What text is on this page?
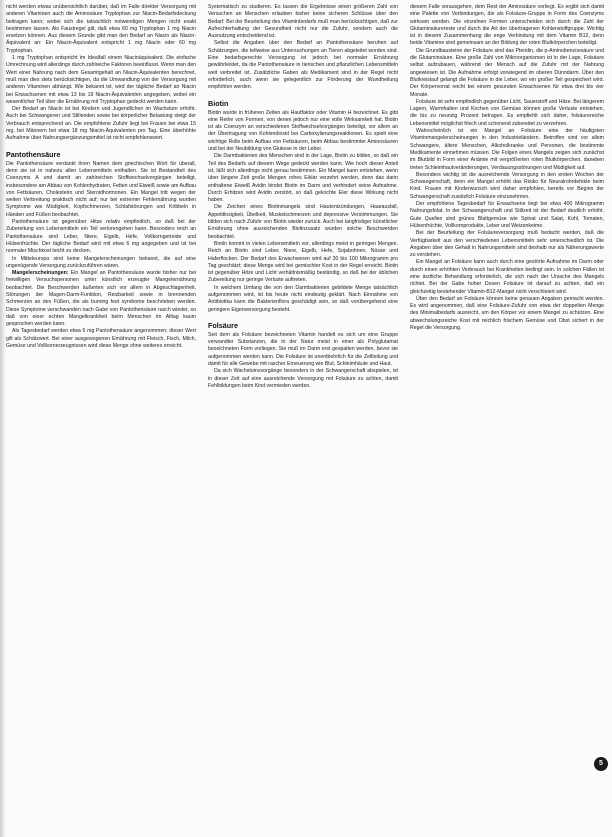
nicht werden etwas unübersichtlich darüber, daß im Falle direkter Versorgung mit anderen Vitaminen auch die Aminosäure Tryptophan zur Niacin-Bedarfsdeckung beitragen kann; wobei sich die tatsächlich notwendigen Mengen nicht exakt bestimmen lassen. Als Faustregel gilt, daß etwa 60 mg Tryptophan 1 mg Niacin ersetzen können. Aus diesem Grunde gibt man den Bedarf an Niacin als Niacin-Äquivalent an: Ein Niacin-Äquivalent entspricht 1 mg Niacin oder 60 mg Tryptophan.

1 mg Tryptophan entspricht im Idealfall einem Niacinäquivalent. Die einfache Umrechnung wird allerdings durch zahlreiche Faktoren beeinflusst. Wenn man den Wert einer Nahrung nach dem Gesamtgehalt an Niacin-Äquivalenten berechnet, muß man dies stets berücksichtigen, da die Umwandlung von der Versorgung mit anderen Vitaminen abhängt. Wie bekannt ist, wird der tägliche Bedarf an Niacin bei Erwachsenen mit etwa 13 bis 19 Niacin-Äquivalenten angegeben, wobei ein wesentlicher Teil über die Ernährung mit Tryptophan gedeckt werden kann.

Der Bedarf an Niacin ist bei Kindern und Jugendlichen im Wachstum erhöht. Auch bei Schwangeren und Stillenden sowie bei körperlicher Belastung steigt der Verbrauch entsprechend an. Die empfohlene Zufuhr liegt bei Frauen bei etwa 15 mg, bei Männern bei etwa 18 mg Niacin-Äquivalenten pro Tag. Eine überhöhte Aufnahme über Nahrungsergänzungsmittel ist nicht empfehlenswert.

Pantothensäure

Die Pantothensäure verdankt ihren Namen dem griechischen Wort für überall, denn sie ist in nahezu allen Lebensmitteln enthalten. Sie ist Bestandteil des Coenzyms A und damit an zahlreichen Stoffwechselvorgängen beteiligt, insbesondere am Abbau von Kohlenhydraten, Fetten und Eiweiß sowie am Aufbau von Fettsäuren, Cholesterin und Steroidhormonen. Ein Mangel tritt wegen der weiten Verbreitung praktisch nicht auf; nur bei extremer Fehlernährung wurden Symptome wie Müdigkeit, Kopfschmerzen, Schlafstörungen und Kribbeln in Händen und Füßen beobachtet.

Pantothensäure ist gegenüber Hitze relativ empfindlich, so daß bei der Zubereitung von Lebensmitteln ein Teil verlorengehen kann. Besonders reich an Pantothensäure sind Leber, Niere, Eigelb, Hefe, Vollkorngetreide und Hülsenfrüchte. Der tägliche Bedarf wird mit etwa 6 mg angegeben und ist bei normaler Mischkost leicht zu decken.

In Mitteleuropa sind keine Mangelerscheinungen bekannt, die auf eine ungenügende Versorgung zurückzuführen wären.

Mangelerscheinungen: Ein Mangel an Pantothensäure wurde bisher nur bei freiwilligen Versuchspersonen unter künstlich erzeugter Mangelernährung beobachtet. Die Beschwerden äußerten sich vor allem in Abgeschlagenheit, Störungen der Magen-Darm-Funktion, Reizbarkeit sowie in brennenden Schmerzen an den Füßen, die als burning feet syndrome beschrieben werden. Diese Symptome verschwanden nach Gabe von Pantothensäure rasch wieder, so daß von einer echten Mangelkrankheit beim Menschen im Alltag kaum gesprochen werden kann.

Als Tagesbedarf werden etwa 6 mg Pantothensäure angenommen; dieser Wert gilt als Schätzwert. Bei einer ausgewogenen Ernährung mit Fleisch, Fisch, Milch, Gemüse und Vollkornerzeugnissen wird diese Menge ohne weiteres erreicht.

Systematisch zu studieren. Es lassen die Ergebnisse einen größeren Zahl von Versuchen an Menschen erlauben bisher keine sicheren Schlüsse über den Bedarf. Bei der Beurteilung des Vitaminbedarfs muß man berücksichtigen, daß zur Aufrechterhaltung der Gesundheit nicht nur die Zufuhr, sondern auch die Ausnutzung entscheidend ist.

Selbst die Angaben über den Bedarf an Pantothensäure beruhen auf Schätzungen, die teilweise aus Untersuchungen an Tieren abgeleitet worden sind. Eine bedarfsgerechte Versorgung ist jedoch bei normaler Ernährung gewährleistet, da die Pantothensäure in tierischen und pflanzlichen Lebensmitteln weit verbreitet ist. Zusätzliche Gaben als Medikament sind in der Regel nicht erforderlich, auch wenn sie gelegentlich zur Förderung der Wundheilung empfohlen werden.

Biotin

Biotin wurde in früheren Zeiten als Hautfaktor oder Vitamin H bezeichnet. Es gibt eine Reihe von Formen, von denen jedoch nur eine volle Wirksamkeit hat. Biotin ist als Coenzym an verschiedenen Stoffwechselvorgängen beteiligt, vor allem an der Übertragung von Kohlendioxid bei Carboxylierungsreaktionen. Es spielt eine wichtige Rolle beim Aufbau von Fettsäuren, beim Abbau bestimmter Aminosäuren und bei der Neubildung von Glukose in der Leber.

Die Darmbakterien des Menschen sind in der Lage, Biotin zu bilden, so daß ein Teil des Bedarfs auf diesem Wege gedeckt werden kann. Wie hoch dieser Anteil ist, läßt sich allerdings nicht genau bestimmen. Ein Mangel kann entstehen, wenn über längere Zeit große Mengen rohes Eiklar verzehrt werden, denn das darin enthaltene Eiweiß Avidin bindet Biotin im Darm und verhindert seine Aufnahme. Durch Erhitzen wird Avidin zerstört, so daß gekochte Eier diese Wirkung nicht haben.

Die Zeichen eines Biotinmangels sind Hautentzündungen, Haarausfall, Appetitlosigkeit, Übelkeit, Muskelschmerzen und depressive Verstimmungen. Sie bilden sich nach Zufuhr von Biotin wieder zurück. Auch bei langfristiger künstlicher Ernährung ohne ausreichenden Biotinzusatz wurden solche Beschwerden beobachtet.

Biotin kommt in vielen Lebensmitteln vor, allerdings meist in geringen Mengen. Reich an Biotin sind Leber, Niere, Eigelb, Hefe, Sojabohnen, Nüsse und Haferflocken. Der Bedarf des Erwachsenen wird auf 30 bis 100 Mikrogramm pro Tag geschätzt; diese Menge wird bei gemischter Kost in der Regel erreicht. Biotin ist gegenüber Hitze und Licht verhältnismäßig beständig, so daß bei der üblichen Zubereitung nur geringe Verluste auftreten.

In welchem Umfang die von den Darmbakterien gebildete Menge tatsächlich aufgenommen wird, ist bis heute nicht eindeutig geklärt. Nach Einnahme von Antibiotika kann die Bakterienflora geschädigt sein, so daß vorübergehend eine geringere Eigenversorgung besteht.

Folsäure

Seit dem als Folsäure bezeichneten Vitamin handelt es sich um eine Gruppe verwandter Substanzen, die in der Natur meist in einer als Polyglutamat bezeichneten Form vorliegen. Sie muß im Darm erst gespalten werden, bevor sie aufgenommen werden kann. Die Folsäure ist unentbehrlich für die Zellteilung und damit für alle Gewebe mit rascher Erneuerung wie Blut, Schleimhäute und Haut.

Da sich Wachstumsvorgänge besonders in der Schwangerschaft abspielen, ist in dieser Zeit auf eine ausreichende Versorgung mit Folsäure zu achten, damit Fehlbildungen beim Kind vermieden werden.

diesem Falle vorausgehen, dem Rest der Aminosäure vorliegt. Es ergibt sich damit eine Palette von Verbindungen, die als Folsäure-Gruppe in Form des Coenzyms wirksam werden. Die einzelnen Formen unterscheiden sich durch die Zahl der Glutaminsäurereste und durch die Art der übertragenen Kohlenstoffgruppe. Wichtig ist in diesem Zusammenhang die enge Verbindung mit dem Vitamin B12, denn beide Vitamine sind gemeinsam an der Bildung der roten Blutkörperchen beteiligt.

Die Grundbausteine der Folsäure sind das Pteridin, die p-Aminobenzoesäure und die Glutaminsäure. Eine große Zahl von Mikroorganismen ist in der Lage, Folsäure selbst aufzubauen, während der Mensch auf die Zufuhr mit der Nahrung angewiesen ist. Die Aufnahme erfolgt vorwiegend im oberen Dünndarm. Über den Blutkreislauf gelangt die Folsäure in die Leber, wo ein großer Teil gespeichert wird. Der Körpervorrat reicht bei einem gesunden Erwachsenen für etwa drei bis vier Monate.

Folsäure ist sehr empfindlich gegenüber Licht, Sauerstoff und Hitze. Bei längerem Lagern, Warmhalten und Kochen von Gemüse können große Verluste entstehen, die bis zu neunzig Prozent betragen. Es empfiehlt sich daher, folsäurereiche Lebensmittel möglichst frisch und schonend zubereitet zu verzehren.

Wahrscheinlich ist ein Mangel an Folsäure eine der häufigsten Vitaminmangelerscheinungen in den Industrieländern. Betroffen sind vor allem Schwangere, ältere Menschen, Alkoholkranke und Personen, die bestimmte Medikamente einnehmen müssen. Die Folgen eines Mangels zeigen sich zunächst im Blutbild in Form einer Anämie mit vergrößerten roten Blutkörperchen, daneben treten Schleimhautveränderungen, Verdauungsstörungen und Müdigkeit auf.

Besonders wichtig ist die ausreichende Versorgung in den ersten Wochen der Schwangerschaft, denn ein Mangel erhöht das Risiko für Neuralrohrdefekte beim Kind. Frauen mit Kinderwunsch wird daher empfohlen, bereits vor Beginn der Schwangerschaft zusätzlich Folsäure einzunehmen.

Der empfohlene Tagesbedarf für Erwachsene liegt bei etwa 400 Mikrogramm Nahrungsfolat. In der Schwangerschaft und Stillzeit ist der Bedarf deutlich erhöht. Gute Quellen sind grünes Blattgemüse wie Spinat und Salat, Kohl, Tomaten, Hülsenfrüchte, Vollkornprodukte, Leber und Weizenkeime.

Bei der Beurteilung der Folsäureversorgung muß bedacht werden, daß die Verfügbarkeit aus den verschiedenen Lebensmitteln sehr unterschiedlich ist. Die Angaben über den Gehalt in Nahrungsmitteln sind deshalb nur als Näherungswerte zu verstehen.

Ein Mangel an Folsäure kann auch durch eine gestörte Aufnahme im Darm oder durch einen erhöhten Verbrauch bei Krankheiten bedingt sein. In solchen Fällen ist eine ärztliche Behandlung erforderlich, die sich nach der Ursache des Mangels richtet. Bei der Gabe hoher Dosen Folsäure ist darauf zu achten, daß ein gleichzeitig bestehender Vitamin-B12-Mangel nicht verschleiert wird.

Über den Bedarf an Folsäure können keine genauen Angaben gemacht werden. Es wird angenommen, daß eine Folsäure-Zufuhr von etwa der doppelten Menge des Minimalbedarfs ausreicht, um den Körper vor einem Mangel zu schützen. Eine abwechslungsreiche Kost mit reichlich frischem Gemüse und Obst sichert in der Regel die Versorgung.

5
